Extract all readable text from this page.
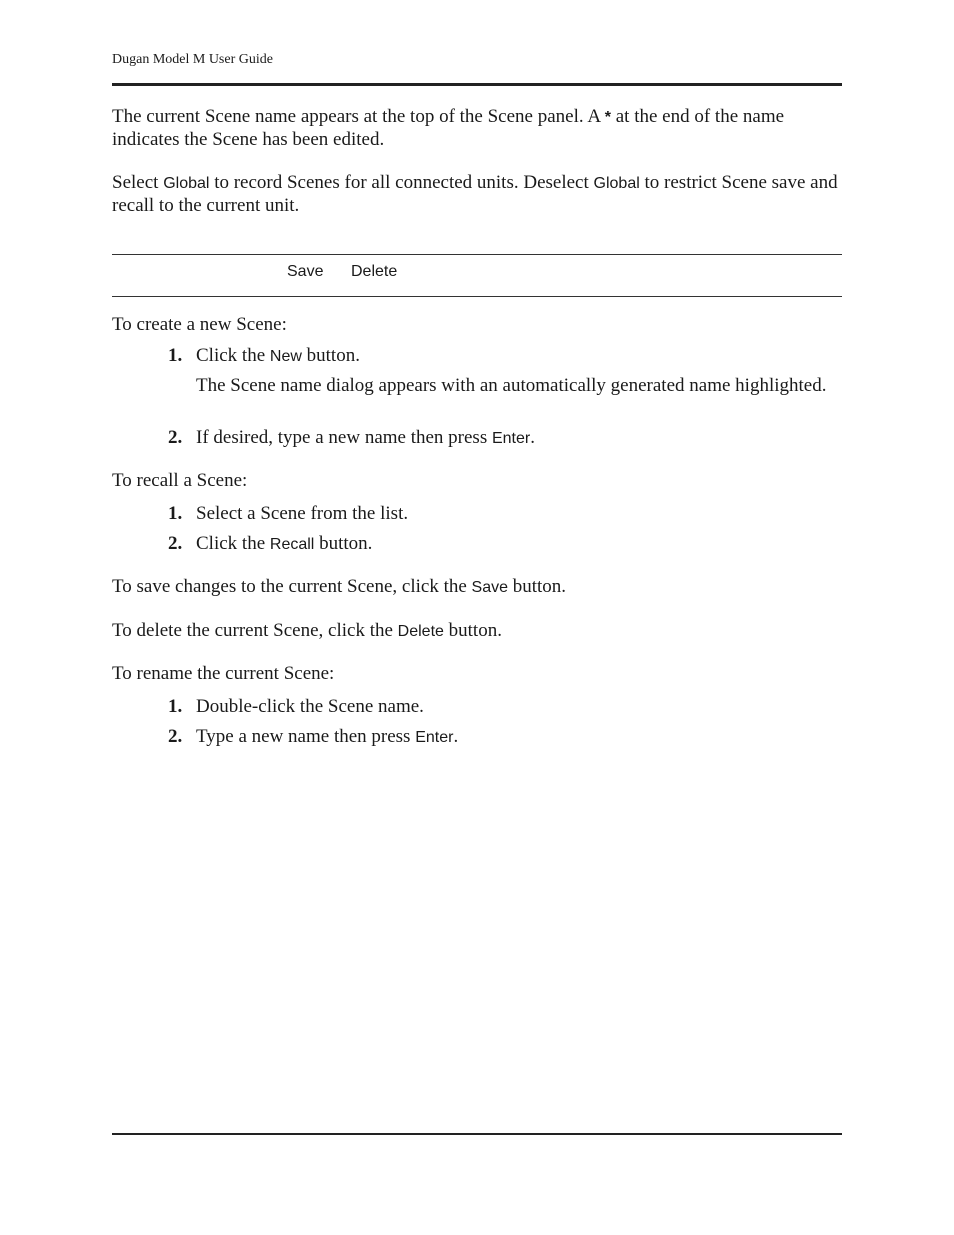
Dugan Model M User Guide

The current Scene name appears at the top of the Scene panel. A * at the end of the name indicates the Scene has been edited.

Select Global to record Scenes for all connected units. Deselect Global to restrict Scene save and recall to the current unit.

Save Delete
To create a new Scene:
1. Click the New button.
The Scene name dialog appears with an automatically generated name highlighted.
2. If desired, type a new name then press Enter.
To recall a Scene:
1. Select a Scene from the list.
2. Click the Recall button.

To save changes to the current Scene, click the Save button.

To delete the current Scene, click the Delete button.

To rename the current Scene:
1. Double-click the Scene name.
2. Type a new name then press Enter.
